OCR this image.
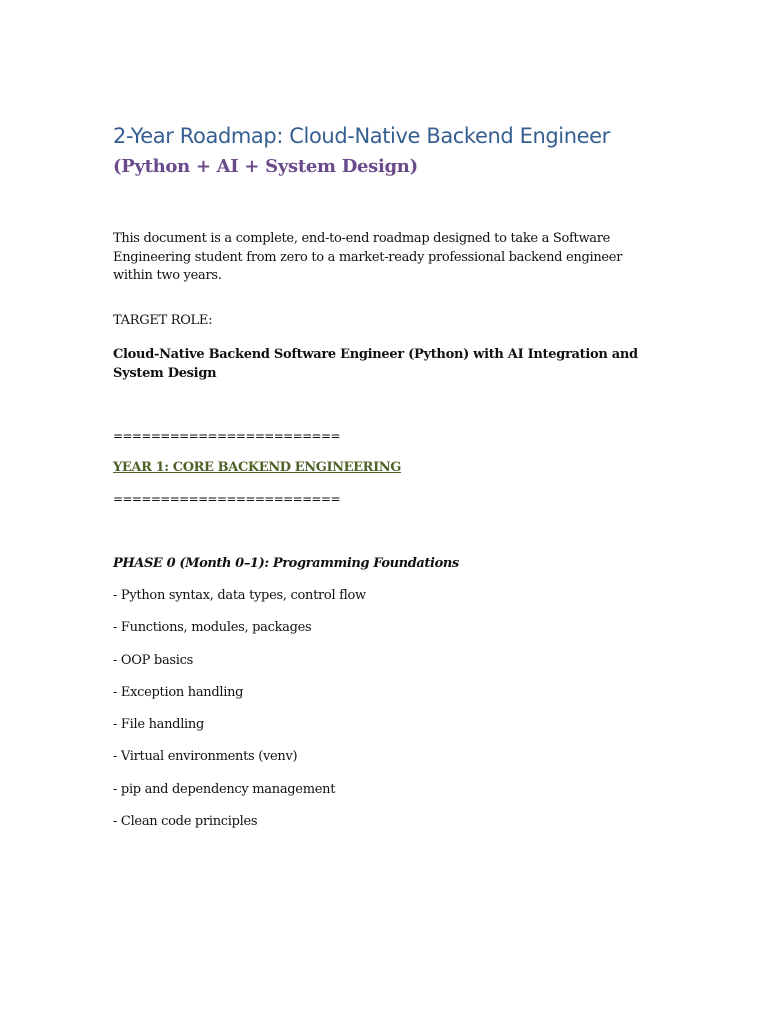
2-Year Roadmap: Cloud-Native Backend Engineer
(Python + AI + System Design)

This document is a complete, end-to-end roadmap designed to take a Software Engineering student from zero to a market-ready professional backend engineer within two years.

TARGET ROLE:

Cloud-Native Backend Software Engineer (Python) with AI Integration and System Design

========================

YEAR 1: CORE BACKEND ENGINEERING

========================

PHASE 0 (Month 0–1): Programming Foundations

- Python syntax, data types, control flow
- Functions, modules, packages
- OOP basics
- Exception handling
- File handling
- Virtual environments (venv)
- pip and dependency management
- Clean code principles
